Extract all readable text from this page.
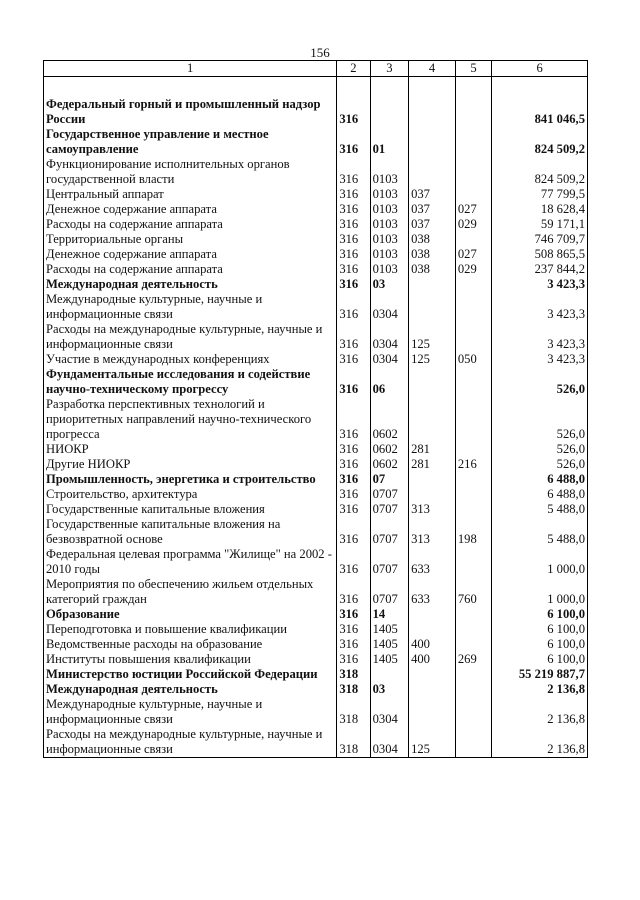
156
1	2	3	4	5	6

Федеральный горный и промышленный надзор России	316				841 046,5
Государственное управление и местное самоуправление	316	01			824 509,2
Функционирование исполнительных органов государственной власти	316	0103			824 509,2
Центральный аппарат	316	0103	037		77 799,5
Денежное содержание аппарата	316	0103	037	027	18 628,4
Расходы на содержание аппарата	316	0103	037	029	59 171,1
Территориальные органы	316	0103	038		746 709,7
Денежное содержание аппарата	316	0103	038	027	508 865,5
Расходы на содержание аппарата	316	0103	038	029	237 844,2
Международная деятельность	316	03			3 423,3
Международные культурные, научные и информационные связи	316	0304			3 423,3
Расходы на международные культурные, научные и информационные связи	316	0304	125		3 423,3
Участие в международных конференциях	316	0304	125	050	3 423,3
Фундаментальные исследования и содействие научно-техническому прогрессу	316	06			526,0
Разработка перспективных технологий и приоритетных направлений научно-технического прогресса	316	0602			526,0
НИОКР	316	0602	281		526,0
Другие НИОКР	316	0602	281	216	526,0
Промышленность, энергетика и строительство	316	07			6 488,0
Строительство, архитектура	316	0707			6 488,0
Государственные капитальные вложения	316	0707	313		5 488,0
Государственные капитальные вложения на безвозвратной основе	316	0707	313	198	5 488,0
Федеральная целевая программа "Жилище" на 2002 - 2010 годы	316	0707	633		1 000,0
Мероприятия по обеспечению жильем отдельных категорий граждан	316	0707	633	760	1 000,0
Образование	316	14			6 100,0
Переподготовка и повышение квалификации	316	1405			6 100,0
Ведомственные расходы на образование	316	1405	400		6 100,0
Институты повышения квалификации	316	1405	400	269	6 100,0
Министерство юстиции Российской Федерации	318				55 219 887,7
Международная деятельность	318	03			2 136,8
Международные культурные, научные и информационные связи	318	0304			2 136,8
Расходы на международные культурные, научные и информационные связи	318	0304	125		2 136,8
